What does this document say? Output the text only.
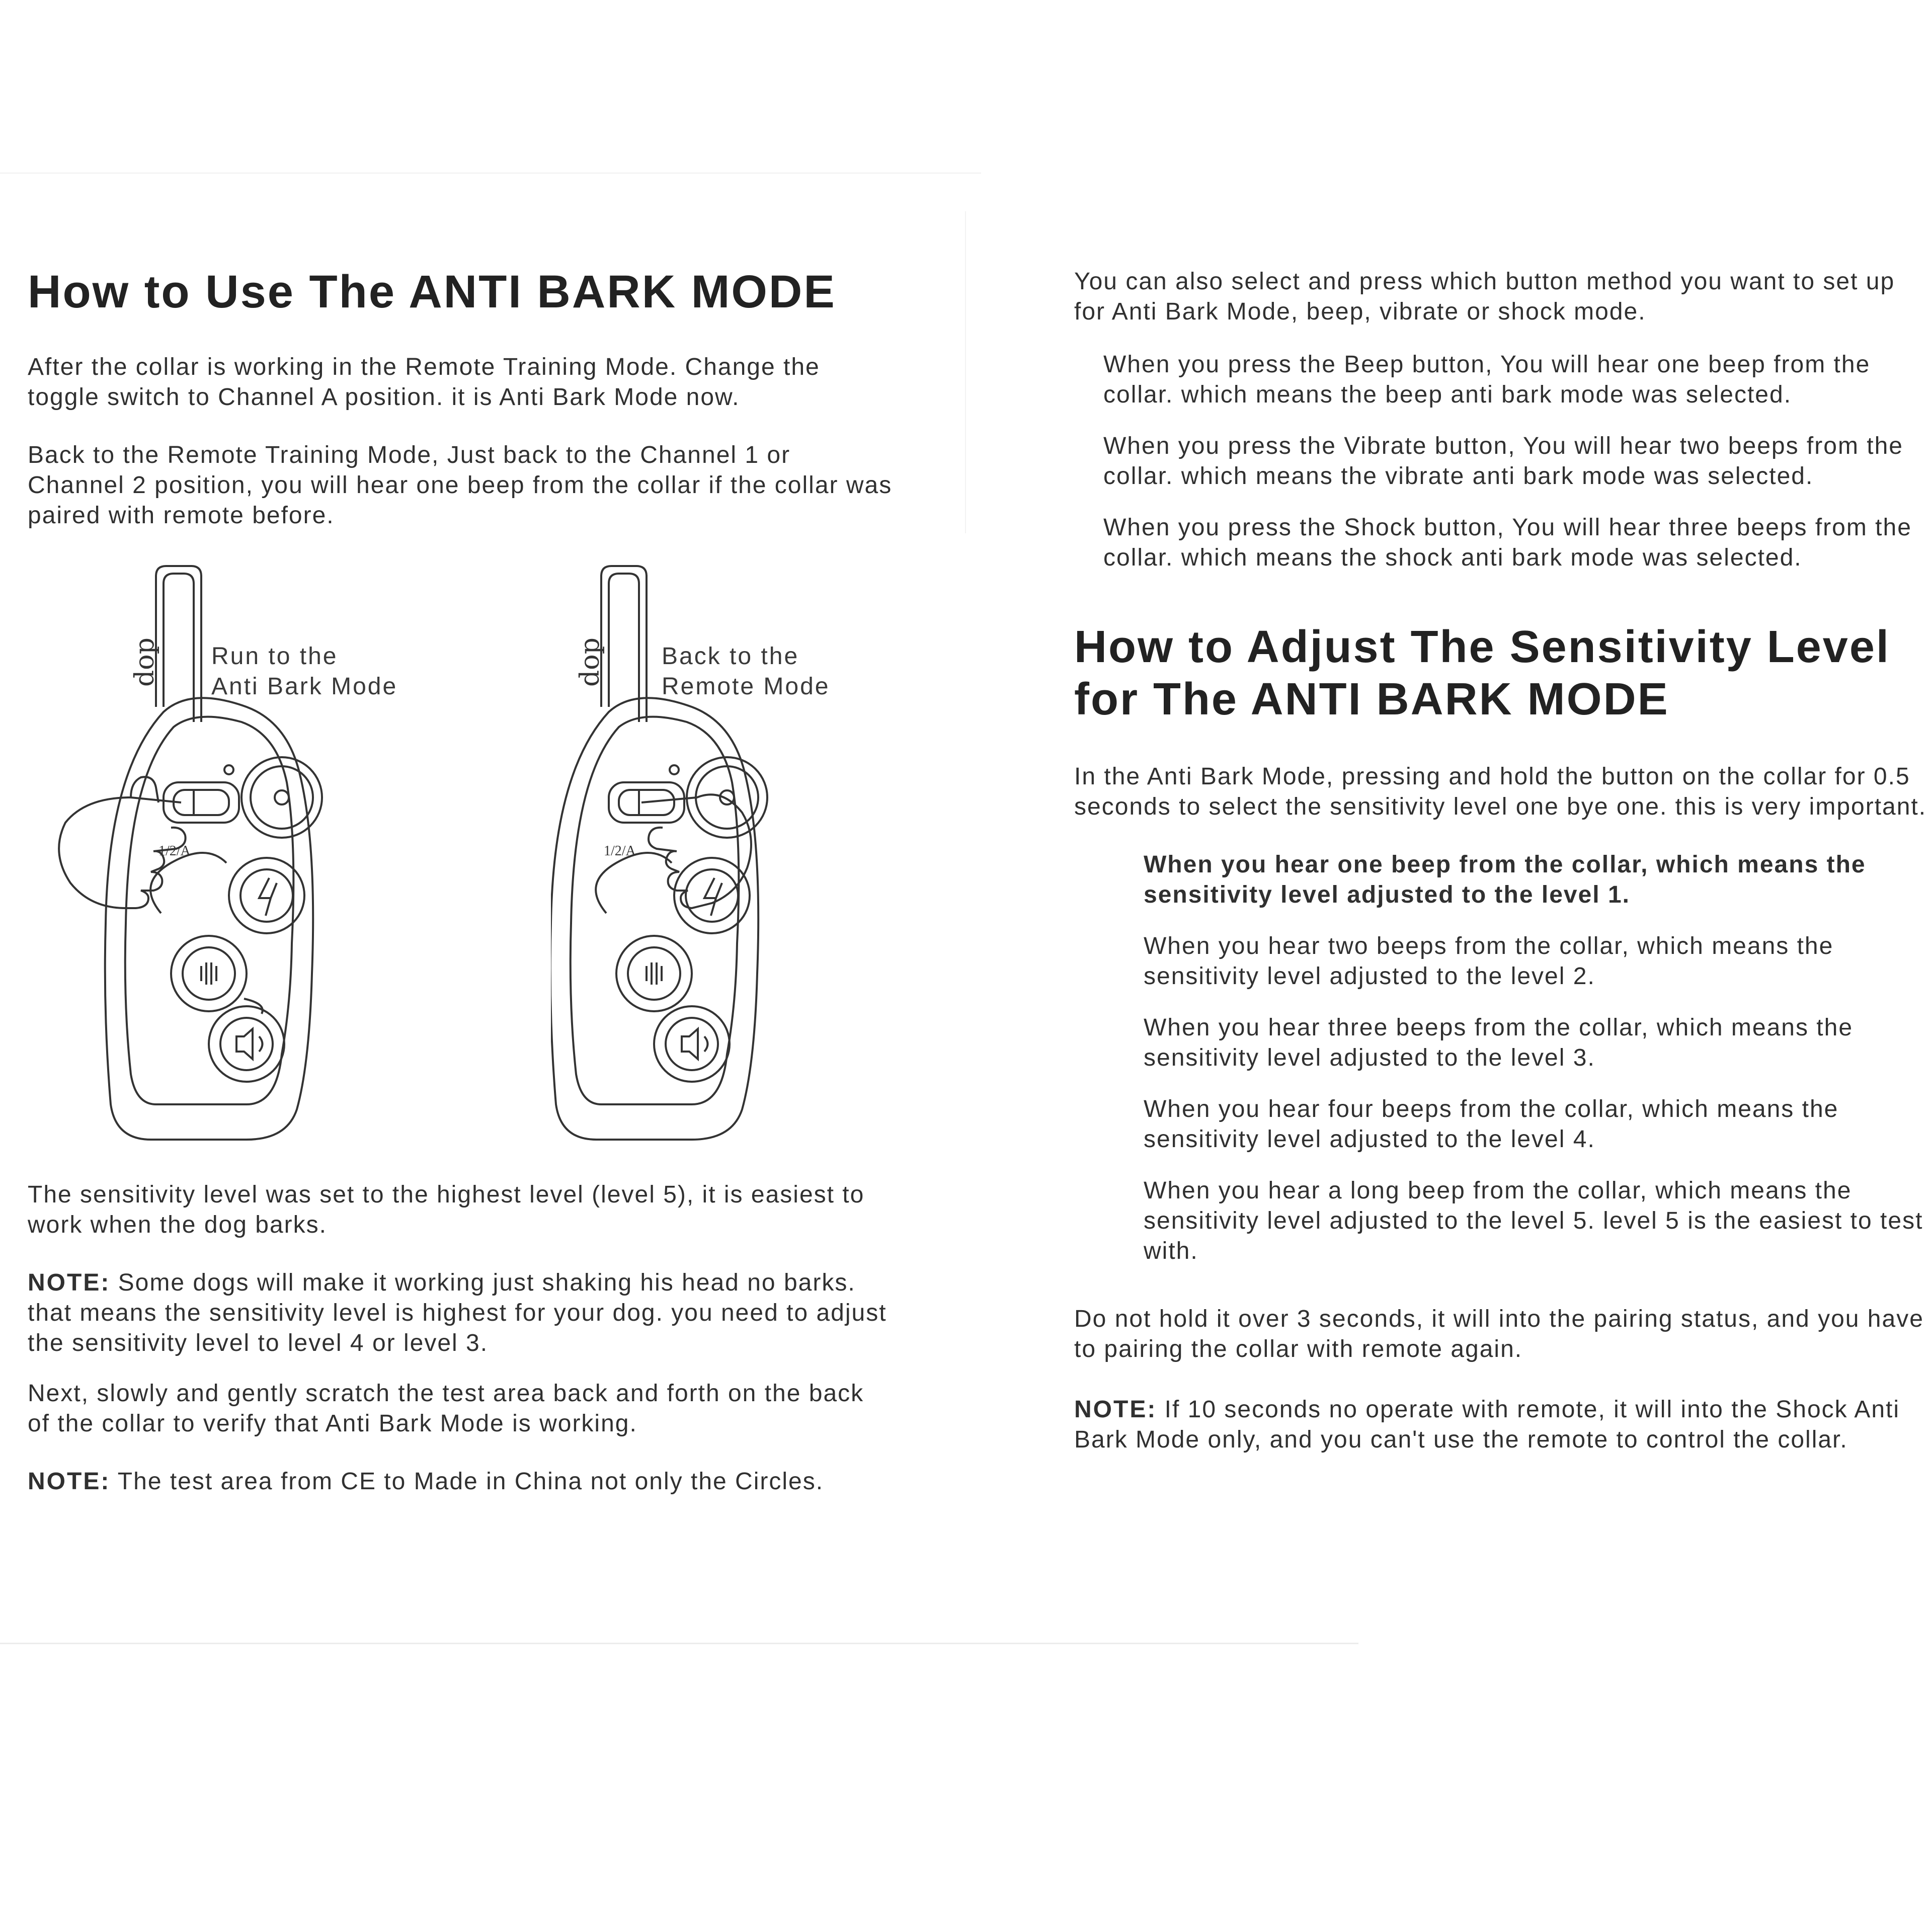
How to Use The ANTI BARK MODE

After the collar is working in the Remote Training Mode. Change the toggle switch to Channel A position. it is Anti Bark Mode now.

Back to the Remote Training Mode, Just back to the Channel 1 or Channel 2 position, you will hear one beep from the collar if the collar was paired with remote before.

dop
1/2/A
Run to the
Anti Bark Mode	dop
1/2/A
Back to the
Remote Mode

The sensitivity level was set to the highest level (level 5), it is easiest to work when the dog barks.

NOTE: Some dogs will make it working just shaking his head no barks. that means the sensitivity level is highest for your dog. you need to adjust the sensitivity level to level 4 or level 3.

Next, slowly and gently scratch the test area back and forth on the back of the collar to verify that Anti Bark Mode is working.

NOTE: The test area from CE to Made in China not only the Circles.

You can also select and press which button method you want to set up for Anti Bark Mode, beep, vibrate or shock mode.

When you press the Beep button, You will hear one beep from the collar. which means the beep anti bark mode was selected.

When you press the Vibrate button, You will hear two beeps from the collar. which means the vibrate anti bark mode was selected.

When you press the Shock button, You will hear three beeps from the collar. which means the shock anti bark mode was selected.

How to Adjust The Sensitivity Level for The ANTI BARK MODE

In the Anti Bark Mode, pressing and hold the button on the collar for 0.5 seconds to select the sensitivity level one bye one. this is very important.

When you hear one beep from the collar, which means the sensitivity level adjusted to the level 1.

When you hear two beeps from the collar, which means the sensitivity level adjusted to the level 2.

When you hear three beeps from the collar, which means the sensitivity level adjusted to the level 3.

When you hear four beeps from the collar, which means the sensitivity level adjusted to the level 4.

When you hear a long beep from the collar, which means the sensitivity level adjusted to the level 5. level 5 is the easiest to test with.

Do not hold it over 3 seconds, it will into the pairing status, and you have to pairing the collar with remote again.

NOTE: If 10 seconds no operate with remote, it will into the Shock Anti Bark Mode only, and you can't use the remote to control the collar.
